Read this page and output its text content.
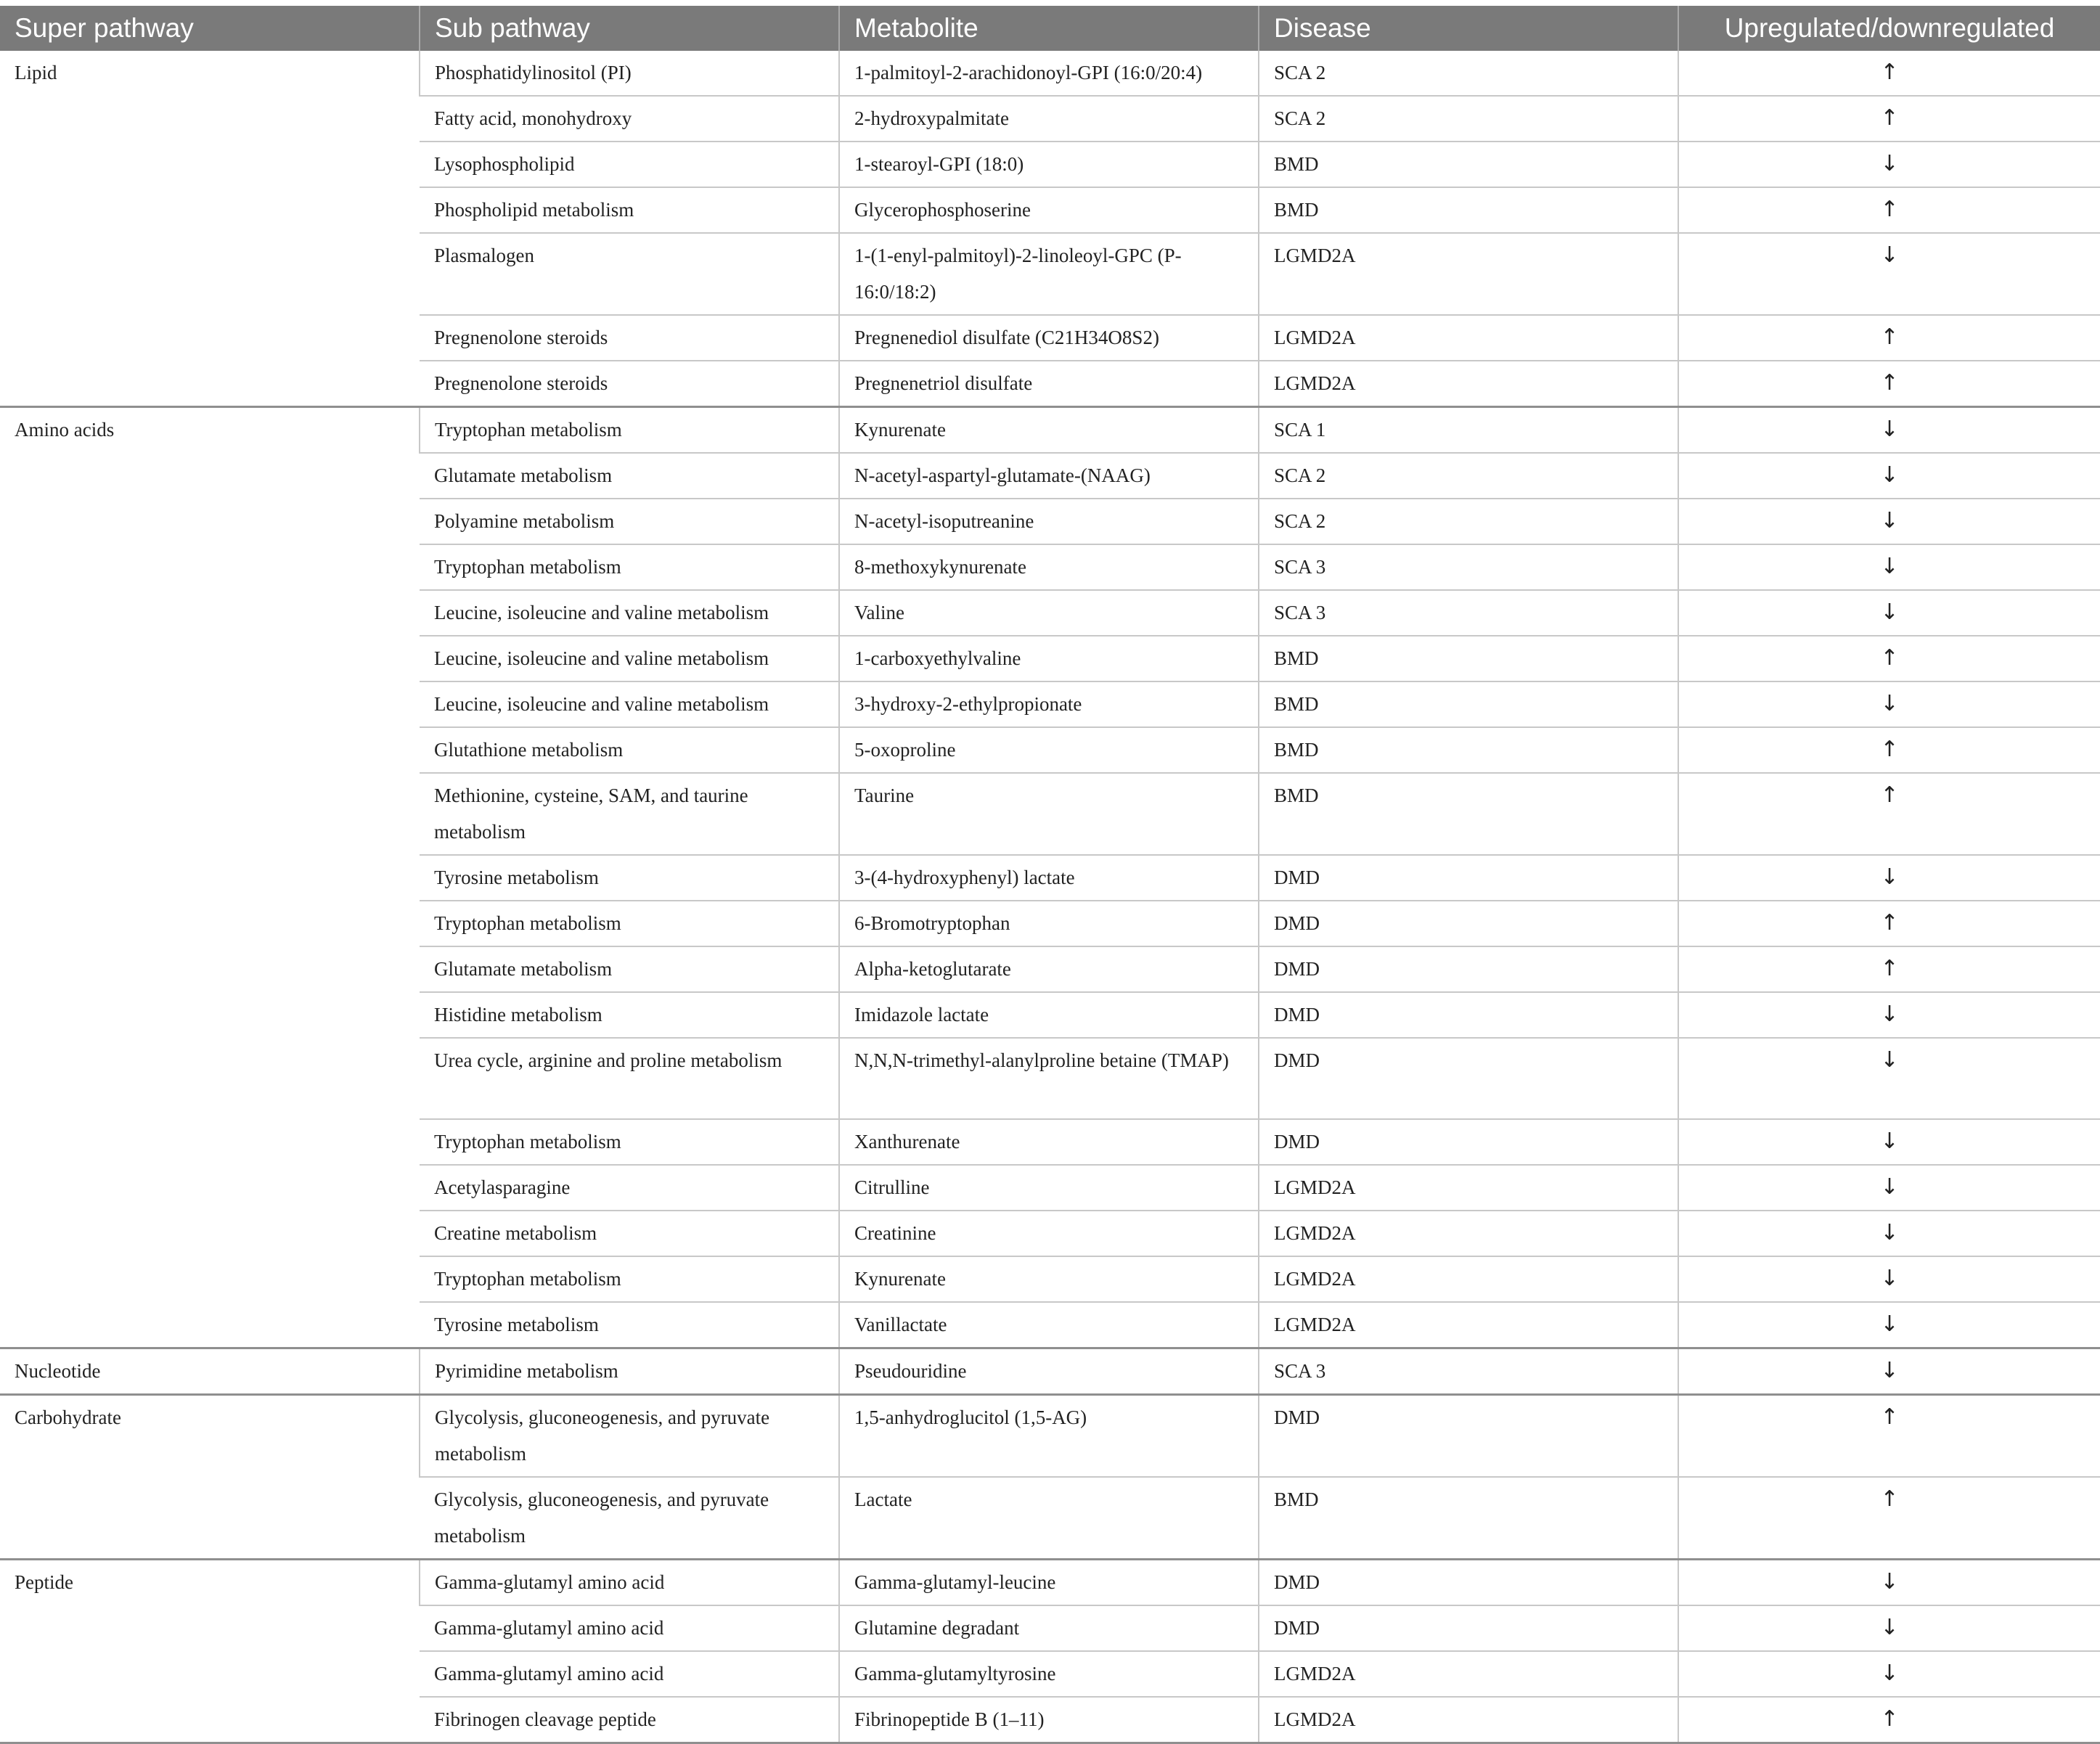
Super pathway	Sub pathway	Metabolite	Disease	Upregulated/downregulated
Lipid	Phosphatidylinositol (PI)	1-palmitoyl-2-arachidonoyl-GPI (16:0/20:4)	SCA 2	↑
	Fatty acid, monohydroxy	2-hydroxypalmitate	SCA 2	↑
	Lysophospholipid	1-stearoyl-GPI (18:0)	BMD	↓
	Phospholipid metabolism	Glycerophosphoserine	BMD	↑
	Plasmalogen	1-(1-enyl-palmitoyl)-2-linoleoyl-GPC (P-16:0/18:2)	LGMD2A	↓
	Pregnenolone steroids	Pregnenediol disulfate (C21H34O8S2)	LGMD2A	↑
	Pregnenolone steroids	Pregnenetriol disulfate	LGMD2A	↑
Amino acids	Tryptophan metabolism	Kynurenate	SCA 1	↓
	Glutamate metabolism	N-acetyl-aspartyl-glutamate-(NAAG)	SCA 2	↓
	Polyamine metabolism	N-acetyl-isoputreanine	SCA 2	↓
	Tryptophan metabolism	8-methoxykynurenate	SCA 3	↓
	Leucine, isoleucine and valine metabolism	Valine	SCA 3	↓
	Leucine, isoleucine and valine metabolism	1-carboxyethylvaline	BMD	↑
	Leucine, isoleucine and valine metabolism	3-hydroxy-2-ethylpropionate	BMD	↓
	Glutathione metabolism	5-oxoproline	BMD	↑
	Methionine, cysteine, SAM, and taurine metabolism	Taurine	BMD	↑
	Tyrosine metabolism	3-(4-hydroxyphenyl) lactate	DMD	↓
	Tryptophan metabolism	6-Bromotryptophan	DMD	↑
	Glutamate metabolism	Alpha-ketoglutarate	DMD	↑
	Histidine metabolism	Imidazole lactate	DMD	↓
	Urea cycle, arginine and proline metabolism	N,N,N-trimethyl-alanylproline betaine (TMAP)	DMD	↓
	Tryptophan metabolism	Xanthurenate	DMD	↓
	Acetylasparagine	Citrulline	LGMD2A	↓
	Creatine metabolism	Creatinine	LGMD2A	↓
	Tryptophan metabolism	Kynurenate	LGMD2A	↓
	Tyrosine metabolism	Vanillactate	LGMD2A	↓
Nucleotide	Pyrimidine metabolism	Pseudouridine	SCA 3	↓
Carbohydrate	Glycolysis, gluconeogenesis, and pyruvate metabolism	1,5-anhydroglucitol (1,5-AG)	DMD	↑
	Glycolysis, gluconeogenesis, and pyruvate metabolism	Lactate	BMD	↑
Peptide	Gamma-glutamyl amino acid	Gamma-glutamyl-leucine	DMD	↓
	Gamma-glutamyl amino acid	Glutamine degradant	DMD	↓
	Gamma-glutamyl amino acid	Gamma-glutamyltyrosine	LGMD2A	↓
	Fibrinogen cleavage peptide	Fibrinopeptide B (1–11)	LGMD2A	↑
